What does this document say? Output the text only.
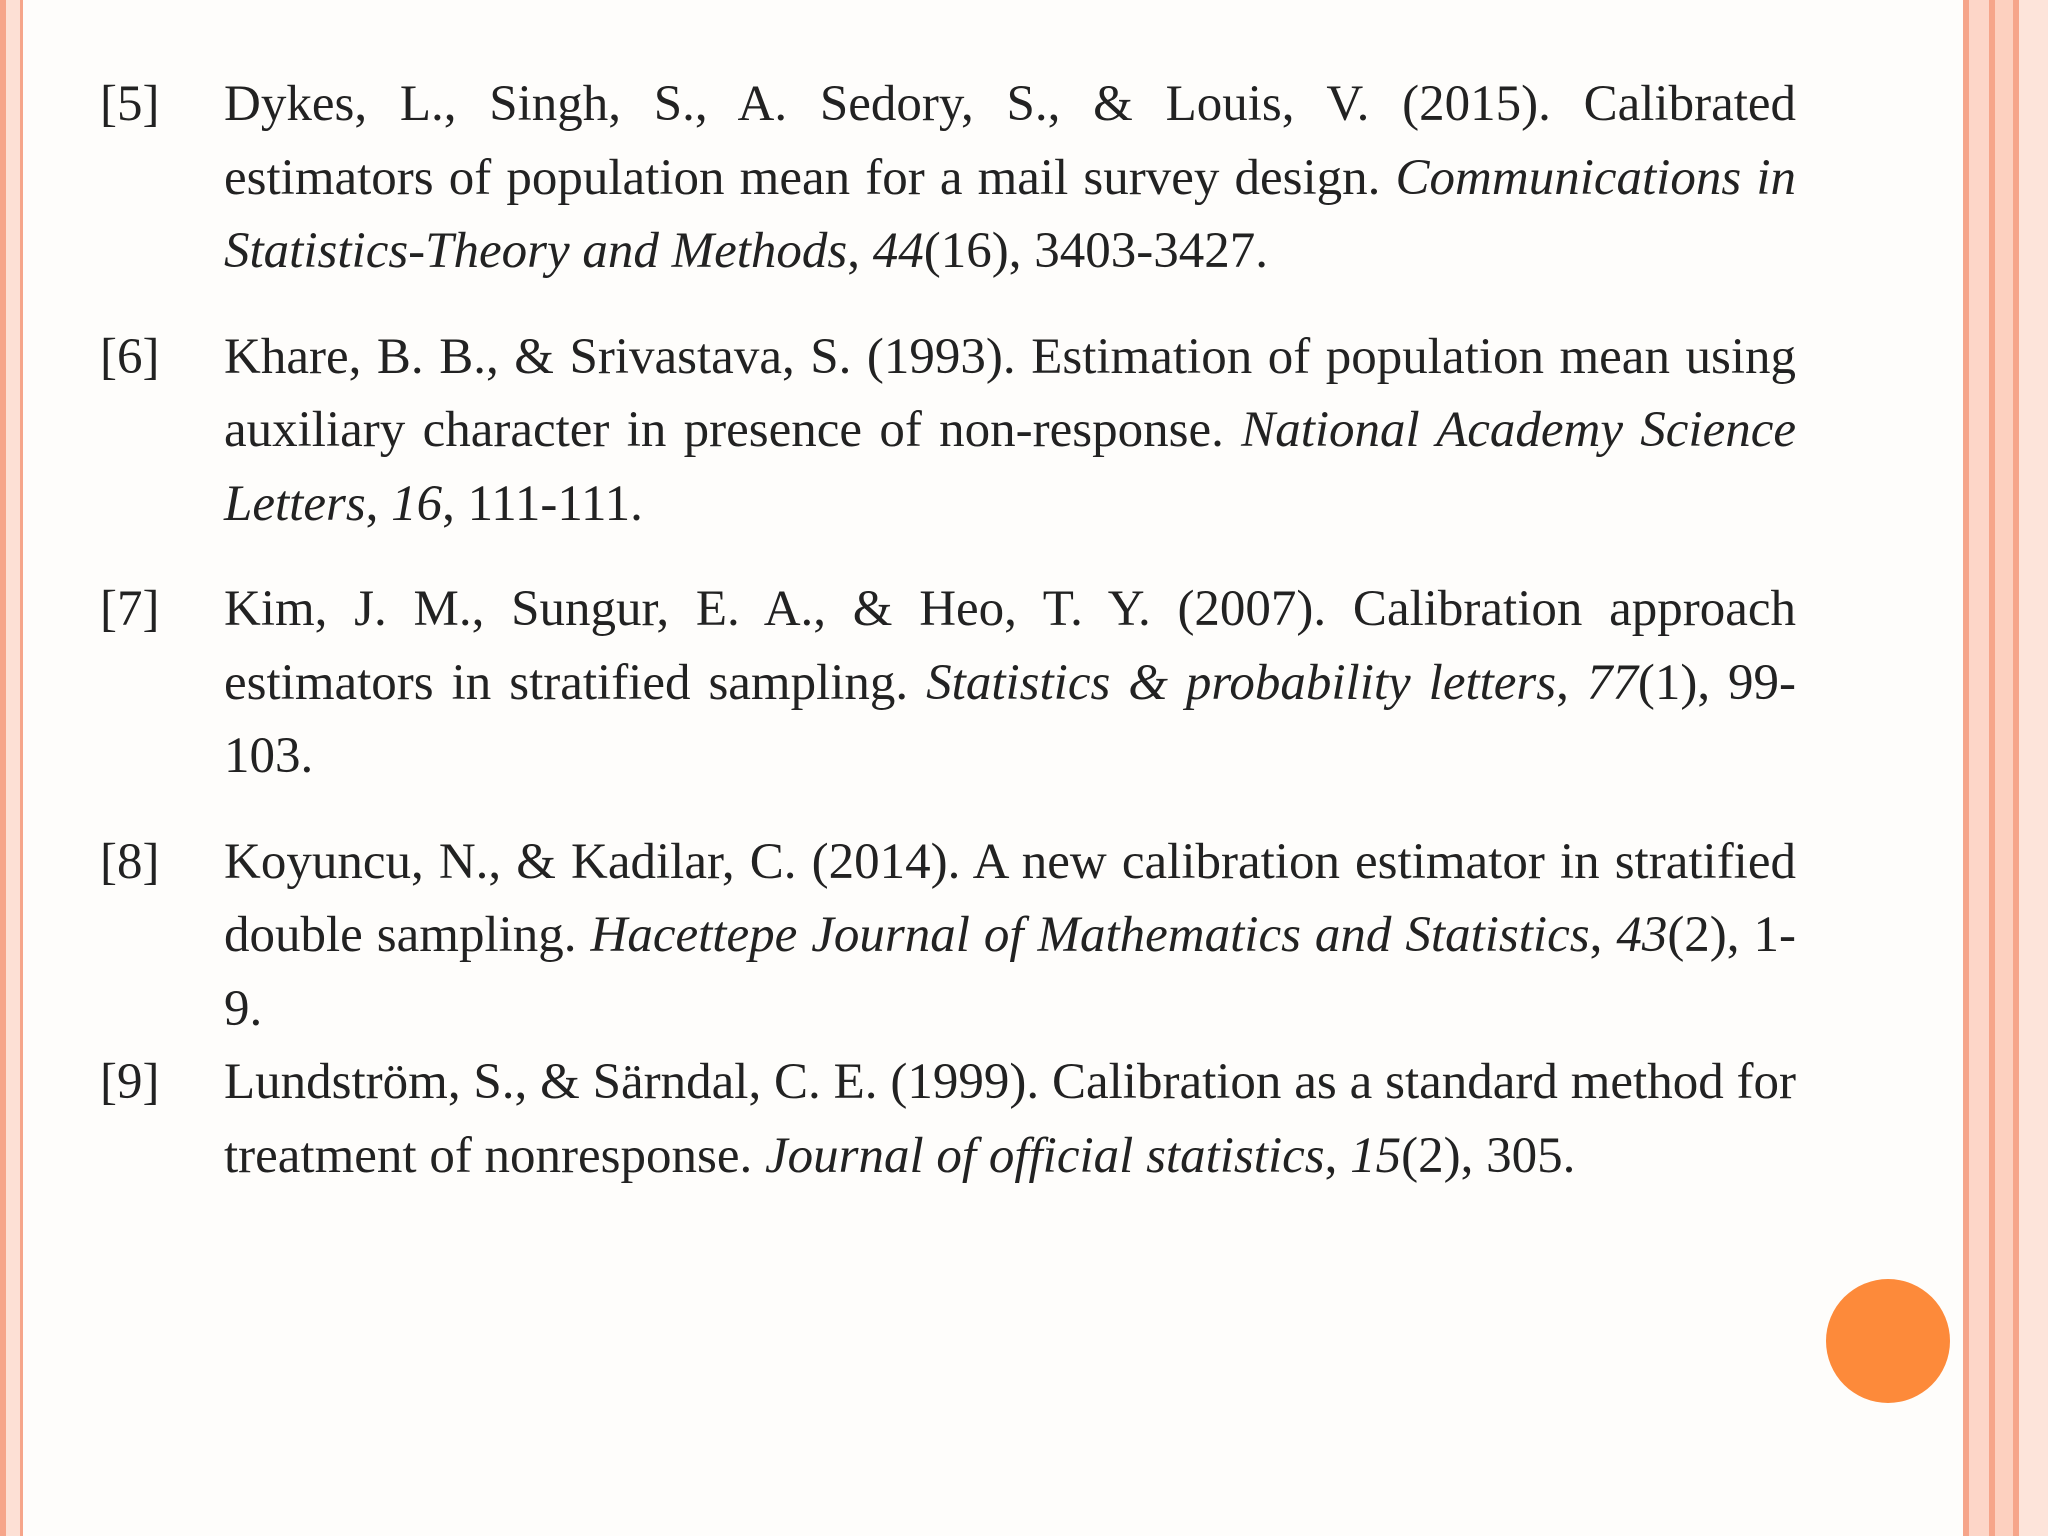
[5]	Dykes, L., Singh, S., A. Sedory, S., & Louis, V. (2015). Calibrated estimators of population mean for a mail survey design. Communications in Statistics-Theory and Methods, 44(16), 3403-3427.
[6]	Khare, B. B., & Srivastava, S. (1993). Estimation of population mean using auxiliary character in presence of non-response. National Academy Science Letters, 16, 111-111.
[7]	Kim, J. M., Sungur, E. A., & Heo, T. Y. (2007). Calibration approach estimators in stratified sampling. Statistics & probability letters, 77(1), 99-103.
[8]	Koyuncu, N., & Kadilar, C. (2014). A new calibration estimator in stratified double sampling. Hacettepe Journal of Mathematics and Statistics, 43(2), 1-9.
[9]	Lundström, S., & Särndal, C. E. (1999). Calibration as a standard method for treatment of nonresponse. Journal of official statistics, 15(2), 305.
